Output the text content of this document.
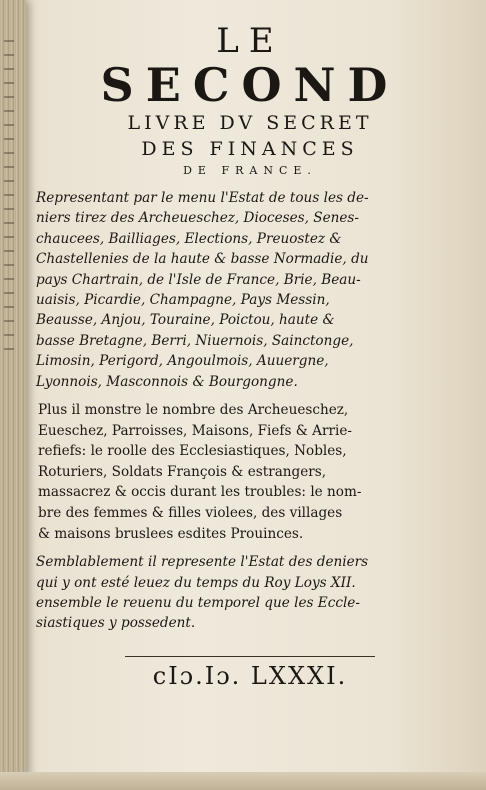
LE

SECOND

LIVRE DV SECRET

DES FINANCES

DE FRANCE.

Representant par le menu l'Estat de tous les de-
niers tirez des Archeueschez, Dioceses, Senes-
chaucees, Bailliages, Elections, Preuostez &
Chastellenies de la haute & basse Normadie, du
pays Chartrain, de l'Isle de France, Brie, Beau-
uaisis, Picardie, Champagne, Pays Messin,
Beausse, Anjou, Touraine, Poictou, haute &
basse Bretagne, Berri, Niuernois, Sainctonge,
Limosin, Perigord, Angoulmois, Auuergne,
Lyonnois, Masconnois & Bourgongne.
Plus il monstre le nombre des Archeueschez,
Eueschez, Parroisses, Maisons, Fiefs & Arrie-
refiefs: le roolle des Ecclesiastiques, Nobles,
Roturiers, Soldats François & estrangers,
massacrez & occis durant les troubles: le nom-
bre des femmes & filles violees, des villages
& maisons bruslees esdites Prouinces.
Semblablement il represente l'Estat des deniers
qui y ont esté leuez du temps du Roy Loys XII.
ensemble le reuenu du temporel que les Eccle-
siastiques y possedent.
cIɔ.Iɔ. LXXXI.
